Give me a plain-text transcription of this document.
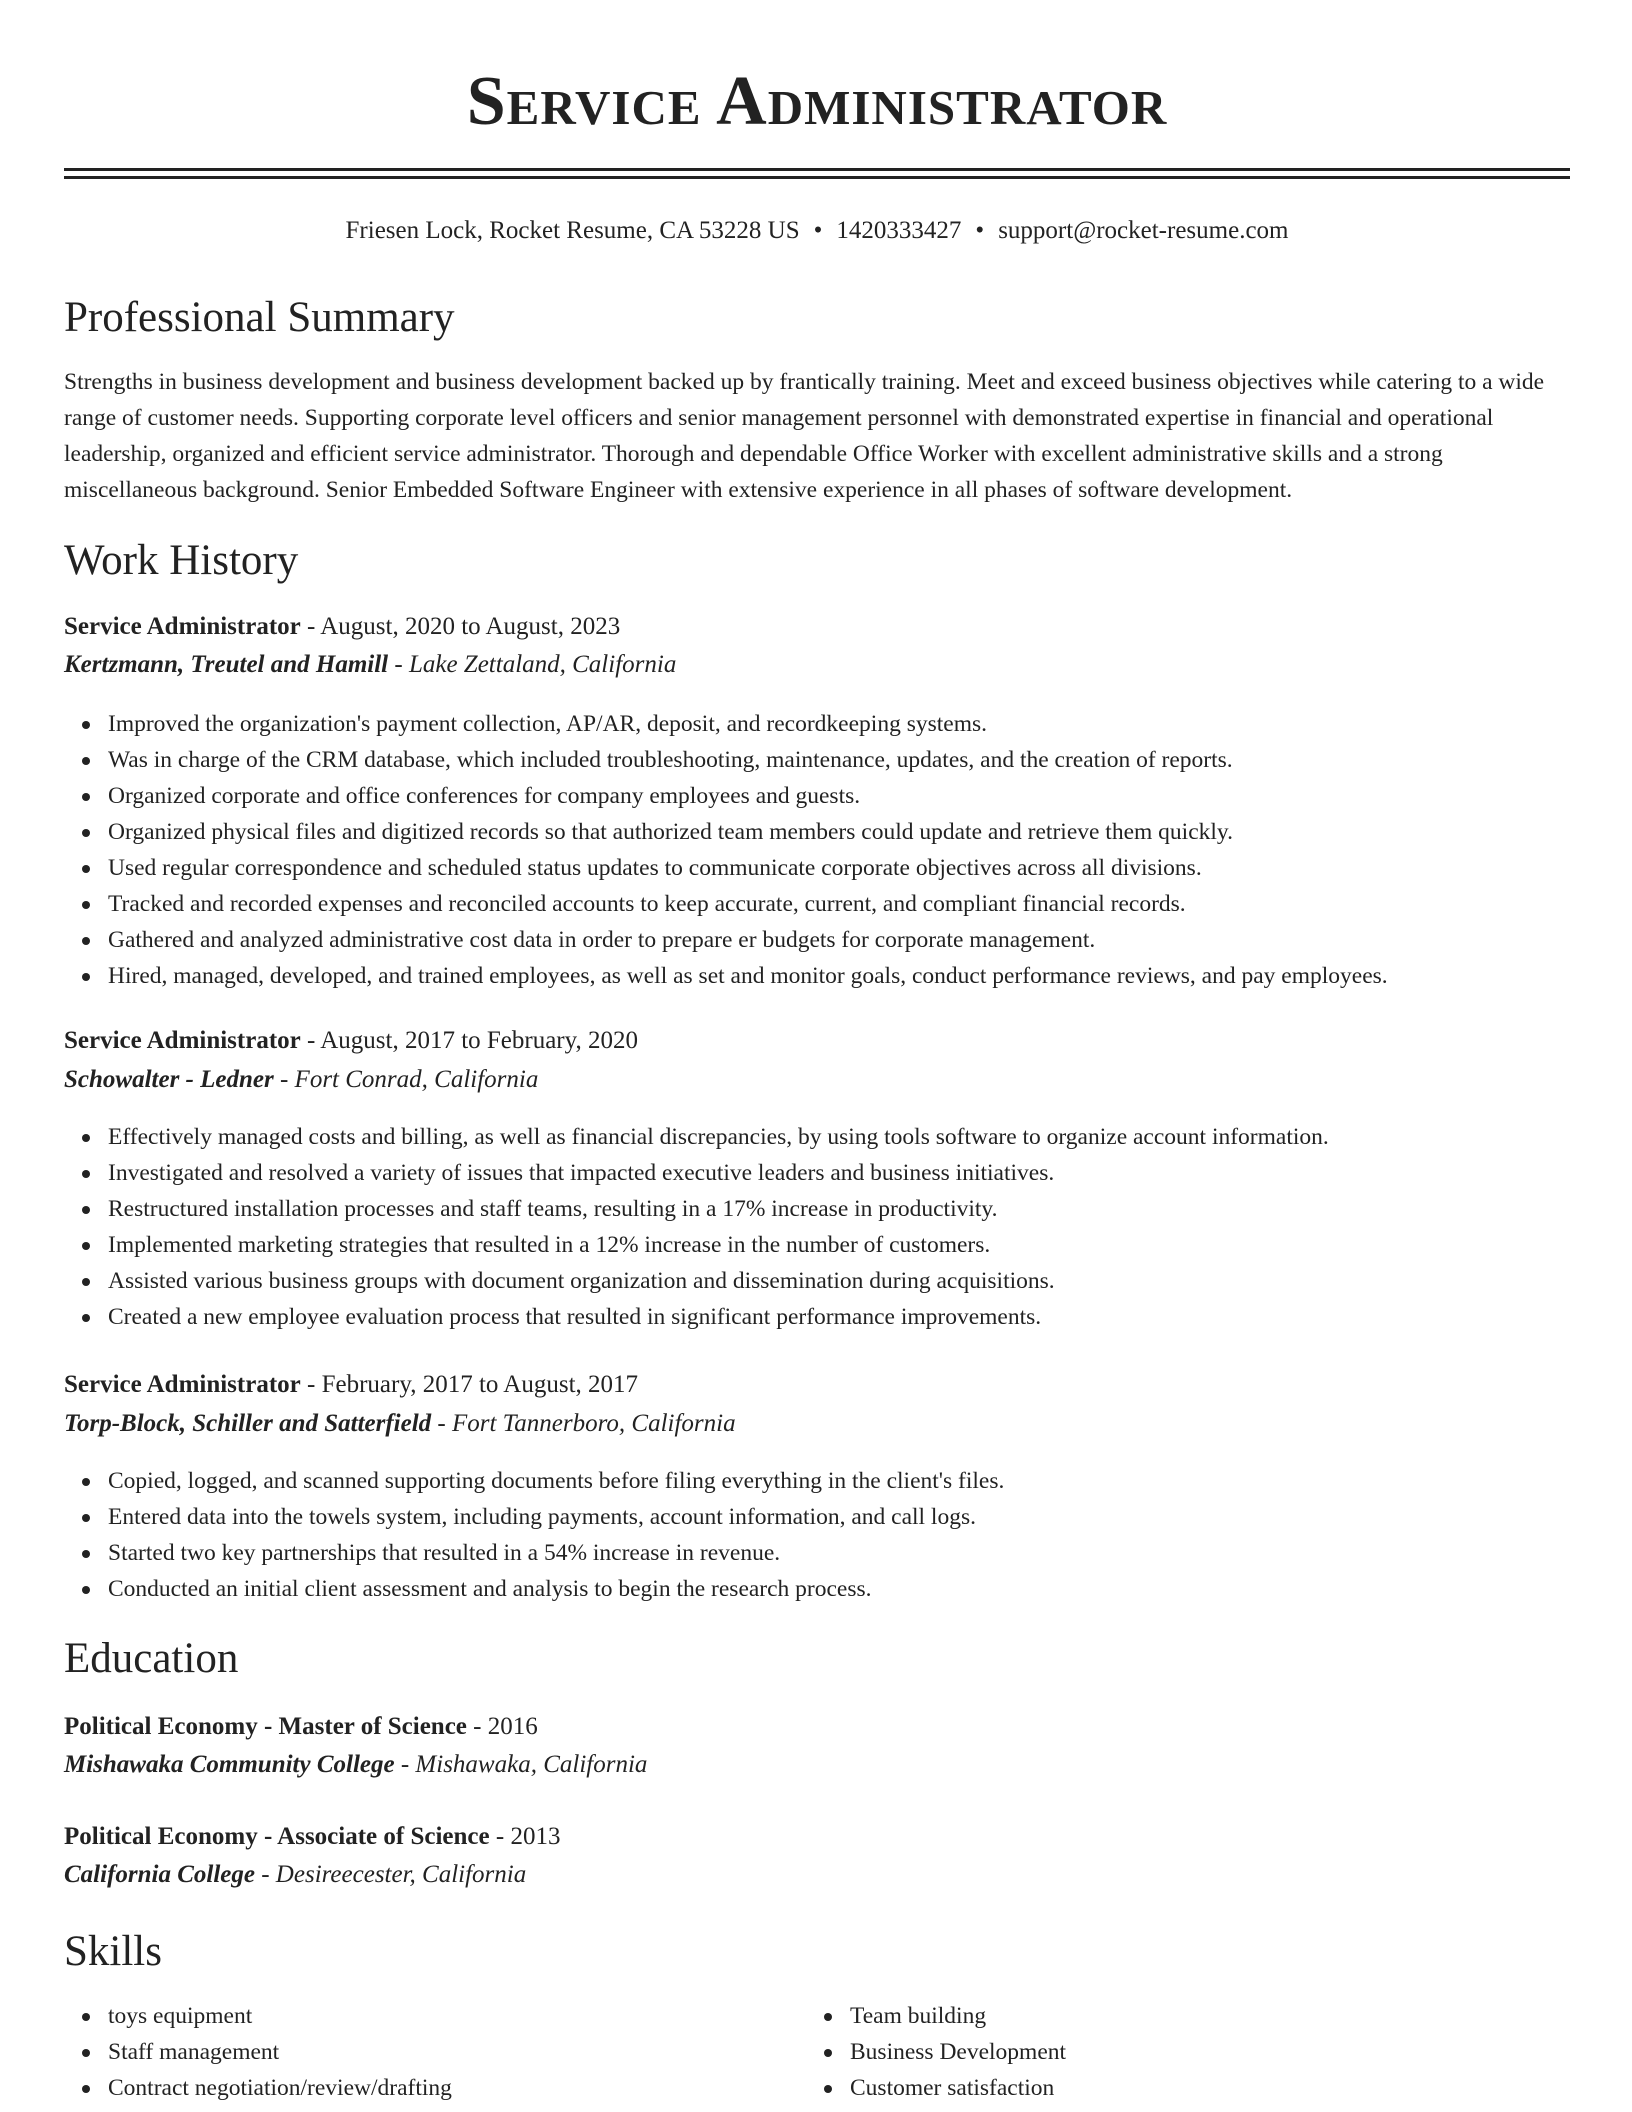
Service Administrator
Friesen Lock, Rocket Resume, CA 53228 US • 1420333427 • support@rocket-resume.com
Professional Summary

Strengths in business development and business development backed up by frantically training. Meet and exceed business objectives while catering to a wide range of customer needs. Supporting corporate level officers and senior management personnel with demonstrated expertise in financial and operational leadership, organized and efficient service administrator. Thorough and dependable Office Worker with excellent administrative skills and a strong miscellaneous background. Senior Embedded Software Engineer with extensive experience in all phases of software development.

Work History
Service Administrator - August, 2020 to August, 2023
Kertzmann, Treutel and Hamill - Lake Zettaland, California
Improved the organization's payment collection, AP/AR, deposit, and recordkeeping systems.
Was in charge of the CRM database, which included troubleshooting, maintenance, updates, and the creation of reports.
Organized corporate and office conferences for company employees and guests.
Organized physical files and digitized records so that authorized team members could update and retrieve them quickly.
Used regular correspondence and scheduled status updates to communicate corporate objectives across all divisions.
Tracked and recorded expenses and reconciled accounts to keep accurate, current, and compliant financial records.
Gathered and analyzed administrative cost data in order to prepare er budgets for corporate management.
Hired, managed, developed, and trained employees, as well as set and monitor goals, conduct performance reviews, and pay employees.
Service Administrator - August, 2017 to February, 2020
Schowalter - Ledner - Fort Conrad, California
Effectively managed costs and billing, as well as financial discrepancies, by using tools software to organize account information.
Investigated and resolved a variety of issues that impacted executive leaders and business initiatives.
Restructured installation processes and staff teams, resulting in a 17% increase in productivity.
Implemented marketing strategies that resulted in a 12% increase in the number of customers.
Assisted various business groups with document organization and dissemination during acquisitions.
Created a new employee evaluation process that resulted in significant performance improvements.
Service Administrator - February, 2017 to August, 2017
Torp-Block, Schiller and Satterfield - Fort Tannerboro, California
Copied, logged, and scanned supporting documents before filing everything in the client's files.
Entered data into the towels system, including payments, account information, and call logs.
Started two key partnerships that resulted in a 54% increase in revenue.
Conducted an initial client assessment and analysis to begin the research process.
Education
Political Economy - Master of Science - 2016
Mishawaka Community College - Mishawaka, California
Political Economy - Associate of Science - 2013
California College - Desireecester, California
Skills
toys equipment
Staff management
Contract negotiation/review/drafting
Team building
Business Development
Customer satisfaction
